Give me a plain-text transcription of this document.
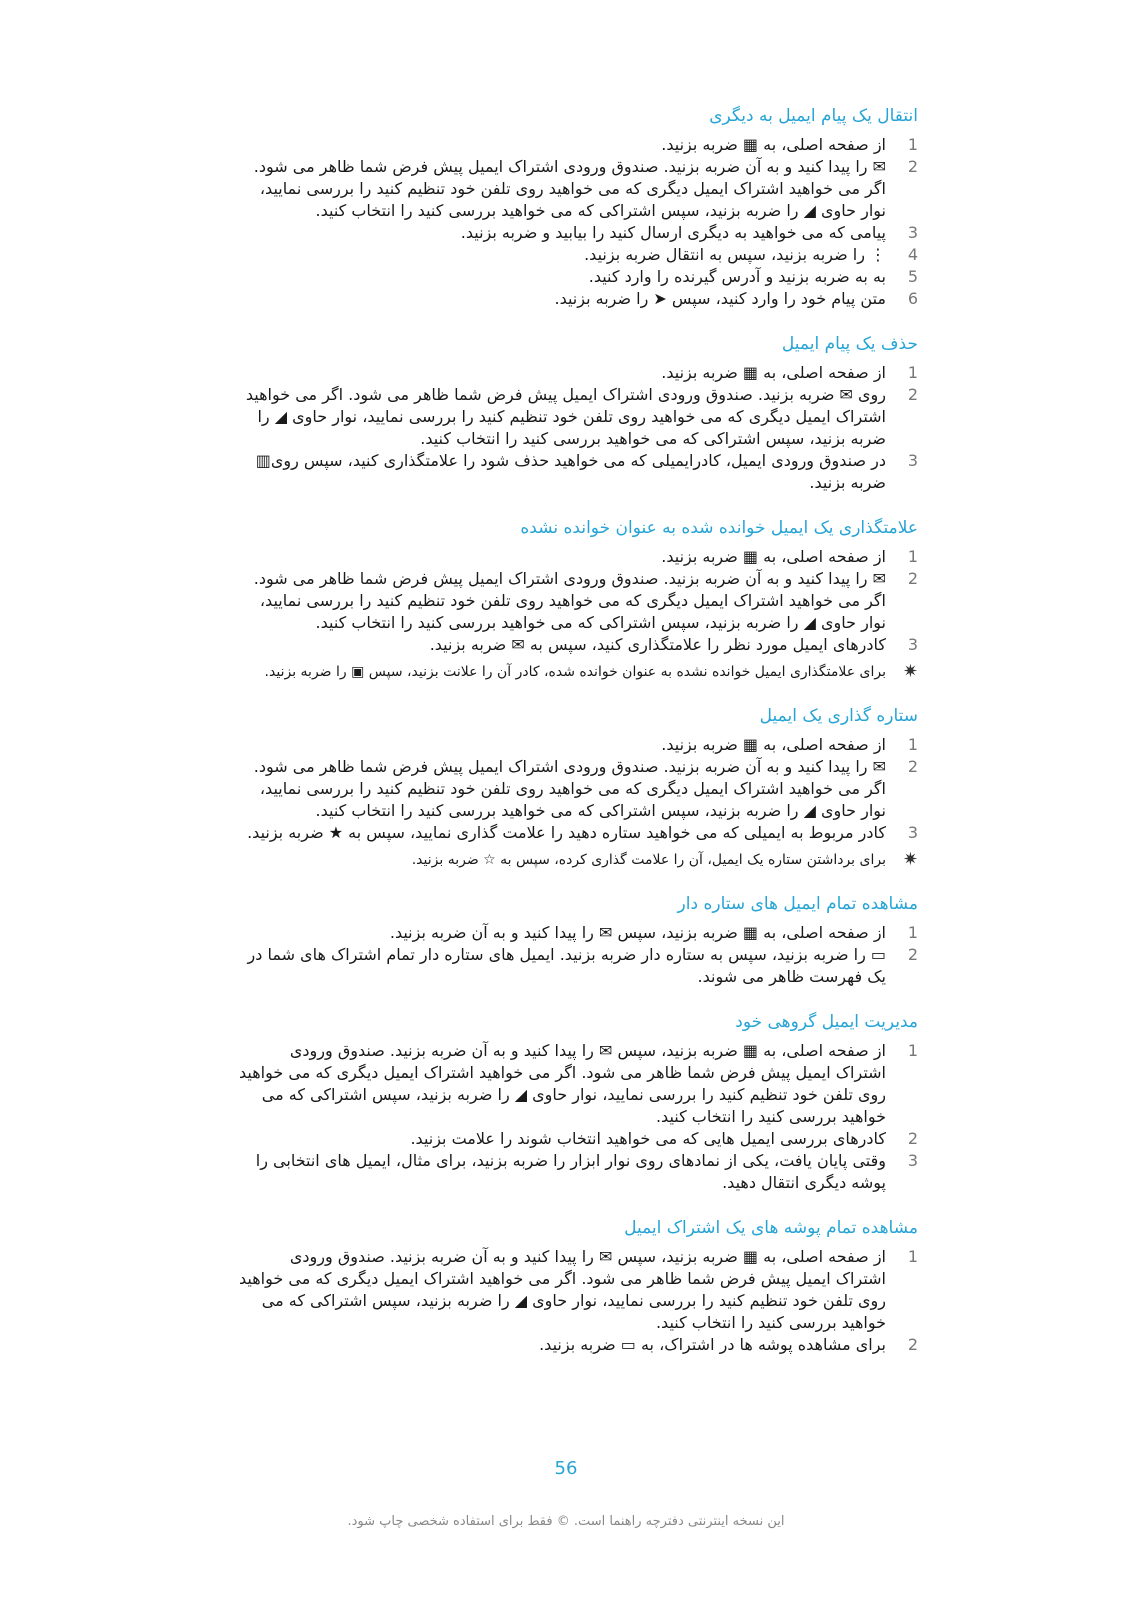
انتقال یک پیام ایمیل به دیگری
1
از صفحه اصلی، به ▦ ضربه بزنید.
2
✉ را پیدا کنید و به آن ضربه بزنید. صندوق ورودی اشتراک ایمیل پیش فرض شما ظاهر می شود. اگر می خواهید اشتراک ایمیل دیگری که می خواهید روی تلفن خود تنظیم کنید را بررسی نمایید، نوار حاوی ◢ را ضربه بزنید، سپس اشتراکی که می خواهید بررسی کنید را انتخاب کنید.
3
پیامی که می خواهید به دیگری ارسال کنید را بیابید و ضربه بزنید.
4
⋮ را ضربه بزنید، سپس به انتقال ضربه بزنید.
5
به به ضربه بزنید و آدرس گیرنده را وارد کنید.
6
متن پیام خود را وارد کنید، سپس ➤ را ضربه بزنید.
حذف یک پیام ایمیل
1
از صفحه اصلی، به ▦ ضربه بزنید.
2
روی ✉ ضربه بزنید. صندوق ورودی اشتراک ایمیل پیش فرض شما ظاهر می شود. اگر می خواهید اشتراک ایمیل دیگری که می خواهید روی تلفن خود تنظیم کنید را بررسی نمایید، نوار حاوی ◢ را ضربه بزنید، سپس اشتراکی که می خواهید بررسی کنید را انتخاب کنید.
3
در صندوق ورودی ایمیل، کادرایمیلی که می خواهید حذف شود را علامتگذاری کنید، سپس روی▥ ضربه بزنید.
علامتگذاری یک ایمیل خوانده شده به عنوان خوانده نشده
1
از صفحه اصلی، به ▦ ضربه بزنید.
2
✉ را پیدا کنید و به آن ضربه بزنید. صندوق ورودی اشتراک ایمیل پیش فرض شما ظاهر می شود. اگر می خواهید اشتراک ایمیل دیگری که می خواهید روی تلفن خود تنظیم کنید را بررسی نمایید، نوار حاوی ◢ را ضربه بزنید، سپس اشتراکی که می خواهید بررسی کنید را انتخاب کنید.
3
کادرهای ایمیل مورد نظر را علامتگذاری کنید، سپس به ✉ ضربه بزنید.
✷
برای علامتگذاری ایمیل خوانده نشده به عنوان خوانده شده، کادر آن را علانت بزنید، سپس ▣ را ضربه بزنید.
ستاره گذاری یک ایمیل
1
از صفحه اصلی، به ▦ ضربه بزنید.
2
✉ را پیدا کنید و به آن ضربه بزنید. صندوق ورودی اشتراک ایمیل پیش فرض شما ظاهر می شود. اگر می خواهید اشتراک ایمیل دیگری که می خواهید روی تلفن خود تنظیم کنید را بررسی نمایید، نوار حاوی ◢ را ضربه بزنید، سپس اشتراکی که می خواهید بررسی کنید را انتخاب کنید.
3
کادر مربوط به ایمیلی که می خواهید ستاره دهید را علامت گذاری نمایید، سپس به ★ ضربه بزنید.
✷
برای برداشتن ستاره یک ایمیل، آن را علامت گذاری کرده، سپس به ☆ ضربه بزنید.
مشاهده تمام ایمیل های ستاره دار
1
از صفحه اصلی، به ▦ ضربه بزنید، سپس ✉ را پیدا کنید و به آن ضربه بزنید.
2
▭ را ضربه بزنید، سپس به ستاره دار ضربه بزنید. ایمیل های ستاره دار تمام اشتراک های شما در یک فهرست ظاهر می شوند.
مدیریت ایمیل گروهی خود
1
از صفحه اصلی، به ▦ ضربه بزنید، سپس ✉ را پیدا کنید و به آن ضربه بزنید. صندوق ورودی اشتراک ایمیل پیش فرض شما ظاهر می شود. اگر می خواهید اشتراک ایمیل دیگری که می خواهید روی تلفن خود تنظیم کنید را بررسی نمایید، نوار حاوی ◢ را ضربه بزنید، سپس اشتراکی که می خواهید بررسی کنید را انتخاب کنید.
2
کادرهای بررسی ایمیل هایی که می خواهید انتخاب شوند را علامت بزنید.
3
وقتی پایان یافت، یکی از نمادهای روی نوار ابزار را ضربه بزنید، برای مثال، ایمیل های انتخابی را پوشه دیگری انتقال دهید.
مشاهده تمام پوشه های یک اشتراک ایمیل
1
از صفحه اصلی، به ▦ ضربه بزنید، سپس ✉ را پیدا کنید و به آن ضربه بزنید. صندوق ورودی اشتراک ایمیل پیش فرض شما ظاهر می شود. اگر می خواهید اشتراک ایمیل دیگری که می خواهید روی تلفن خود تنظیم کنید را بررسی نمایید، نوار حاوی ◢ را ضربه بزنید، سپس اشتراکی که می خواهید بررسی کنید را انتخاب کنید.
2
برای مشاهده پوشه ها در اشتراک، به ▭ ضربه بزنید.
56
این نسخه اینترنتی دفترچه راهنما است. © فقط برای استفاده شخصی چاپ شود.
